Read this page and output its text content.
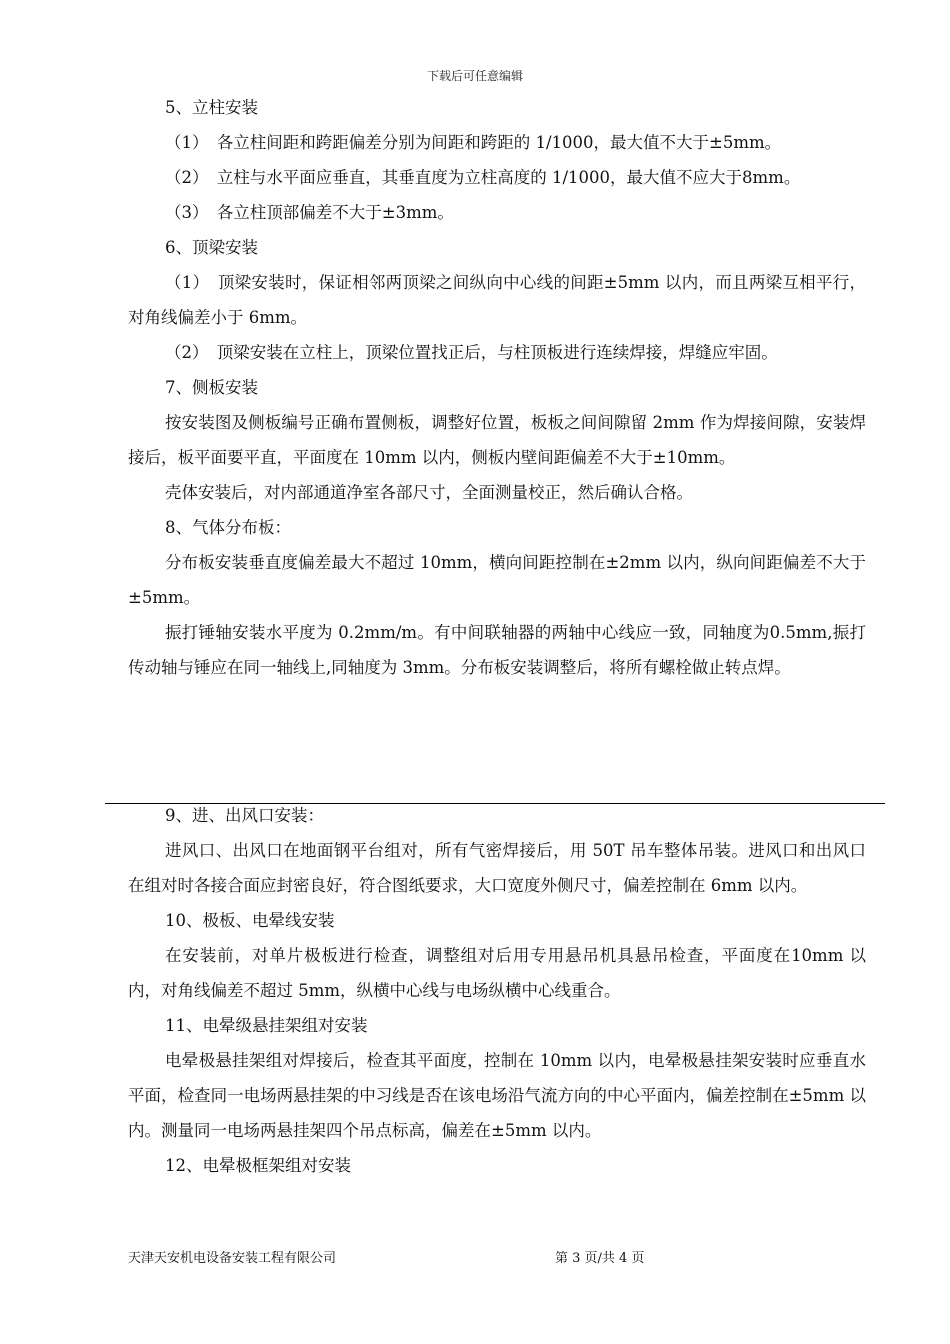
下载后可任意编辑

5、立柱安装

（1）　各立柱间距和跨距偏差分别为间距和跨距的 1/1000，最大值不大于±5mm。

（2）　立柱与水平面应垂直，其垂直度为立柱高度的 1/1000，最大值不应大于8mm。

（3）　各立柱顶部偏差不大于±3mm。

6、顶梁安装

（1）　顶梁安装时，保证相邻两顶梁之间纵向中心线的间距±5mm 以内，而且两梁互相平行，对角线偏差小于 6mm。

（2）　顶梁安装在立柱上，顶梁位置找正后，与柱顶板进行连续焊接，焊缝应牢固。

7、侧板安装

按安装图及侧板编号正确布置侧板，调整好位置，板板之间间隙留 2mm 作为焊接间隙，安装焊接后，板平面要平直，平面度在 10mm 以内，侧板内壁间距偏差不大于±10mm。

壳体安装后，对内部通道净室各部尺寸，全面测量校正，然后确认合格。

8、气体分布板：

分布板安装垂直度偏差最大不超过 10mm，横向间距控制在±2mm 以内，纵向间距偏差不大于±5mm。

振打锤轴安装水平度为 0.2mm/m。有中间联轴器的两轴中心线应一致，同轴度为0.5mm,振打传动轴与锤应在同一轴线上,同轴度为 3mm。分布板安装调整后，将所有螺栓做止转点焊。

9、进、出风口安装：

进风口、出风口在地面钢平台组对，所有气密焊接后，用 50T 吊车整体吊装。进风口和出风口在组对时各接合面应封密良好，符合图纸要求，大口宽度外侧尺寸，偏差控制在 6mm 以内。

10、极板、电晕线安装

在安装前，对单片极板进行检查，调整组对后用专用悬吊机具悬吊检查，平面度在10mm 以内，对角线偏差不超过 5mm，纵横中心线与电场纵横中心线重合。

11、电晕级悬挂架组对安装

电晕极悬挂架组对焊接后，检查其平面度，控制在 10mm 以内，电晕极悬挂架安装时应垂直水平面，检查同一电场两悬挂架的中习线是否在该电场沿气流方向的中心平面内，偏差控制在±5mm 以内。测量同一电场两悬挂架四个吊点标高，偏差在±5mm 以内。

12、电晕极框架组对安装

天津天安机电设备安装工程有限公司	第 3 页/共 4 页
